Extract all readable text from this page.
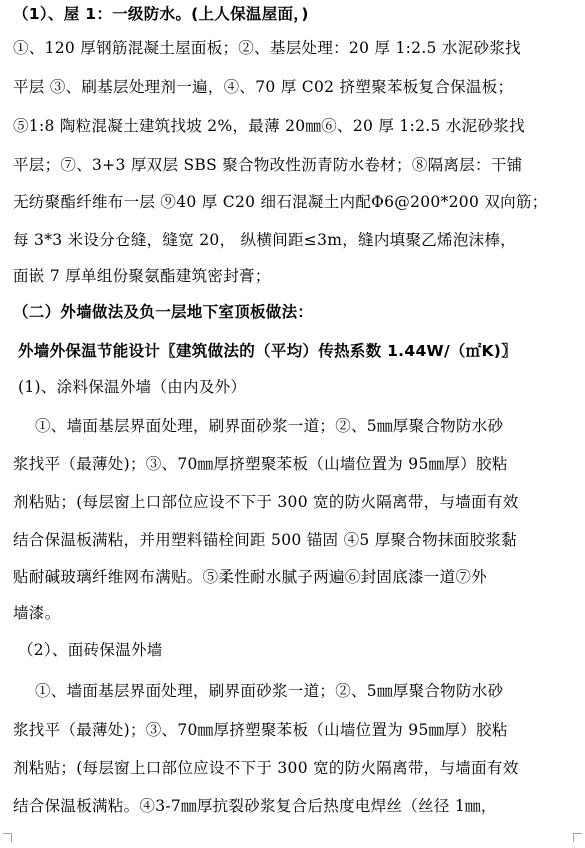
（1）、屋 1：一级防水。(上人保温屋面，)
①、120 厚钢筋混凝土屋面板；②、基层处理：20 厚 1:2.5 水泥砂浆找
平层 ③、刷基层处理剂一遍，④、70 厚 C02 挤塑聚苯板复合保温板；
⑤1:8 陶粒混凝土建筑找坡 2%，最薄 20㎜⑥、20 厚 1:2.5 水泥砂浆找
平层；⑦、3+3 厚双层 SBS 聚合物改性沥青防水卷材；⑧隔离层：干铺
无纺聚酯纤维布一层 ⑨40 厚 C20 细石混凝土内配Φ6@200*200 双向筋；
每 3*3 米设分仓缝，缝宽 20， 纵横间距≤3m，缝内填聚乙烯泡沫棒，
面嵌 7 厚单组份聚氨酯建筑密封膏；
（二）外墙做法及负一层地下室顶板做法：
外墙外保温节能设计〖建筑做法的（平均）传热系数 1.44W/（㎡K)〗
(1)、涂料保温外墙（由内及外）
①、墙面基层界面处理，刷界面砂浆一道；②、5㎜厚聚合物防水砂
浆找平（最薄处)；③、70㎜厚挤塑聚苯板（山墙位置为 95㎜厚）胶粘
剂粘贴；(每层窗上口部位应设不下于 300 宽的防火隔离带，与墙面有效
结合保温板满粘，并用塑料锚栓间距 500 锚固 ④5 厚聚合物抹面胶浆黏
贴耐碱玻璃纤维网布满贴。⑤柔性耐水腻子两遍⑥封固底漆一道⑦外
墙漆。
（2）、面砖保温外墙
①、墙面基层界面处理，刷界面砂浆一道；②、5㎜厚聚合物防水砂
浆找平（最薄处)；③、70㎜厚挤塑聚苯板（山墙位置为 95㎜厚）胶粘
剂粘贴；(每层窗上口部位应设不下于 300 宽的防火隔离带，与墙面有效
结合保温板满粘。④3-7㎜厚抗裂砂浆复合后热度电焊丝（丝径 1㎜，
